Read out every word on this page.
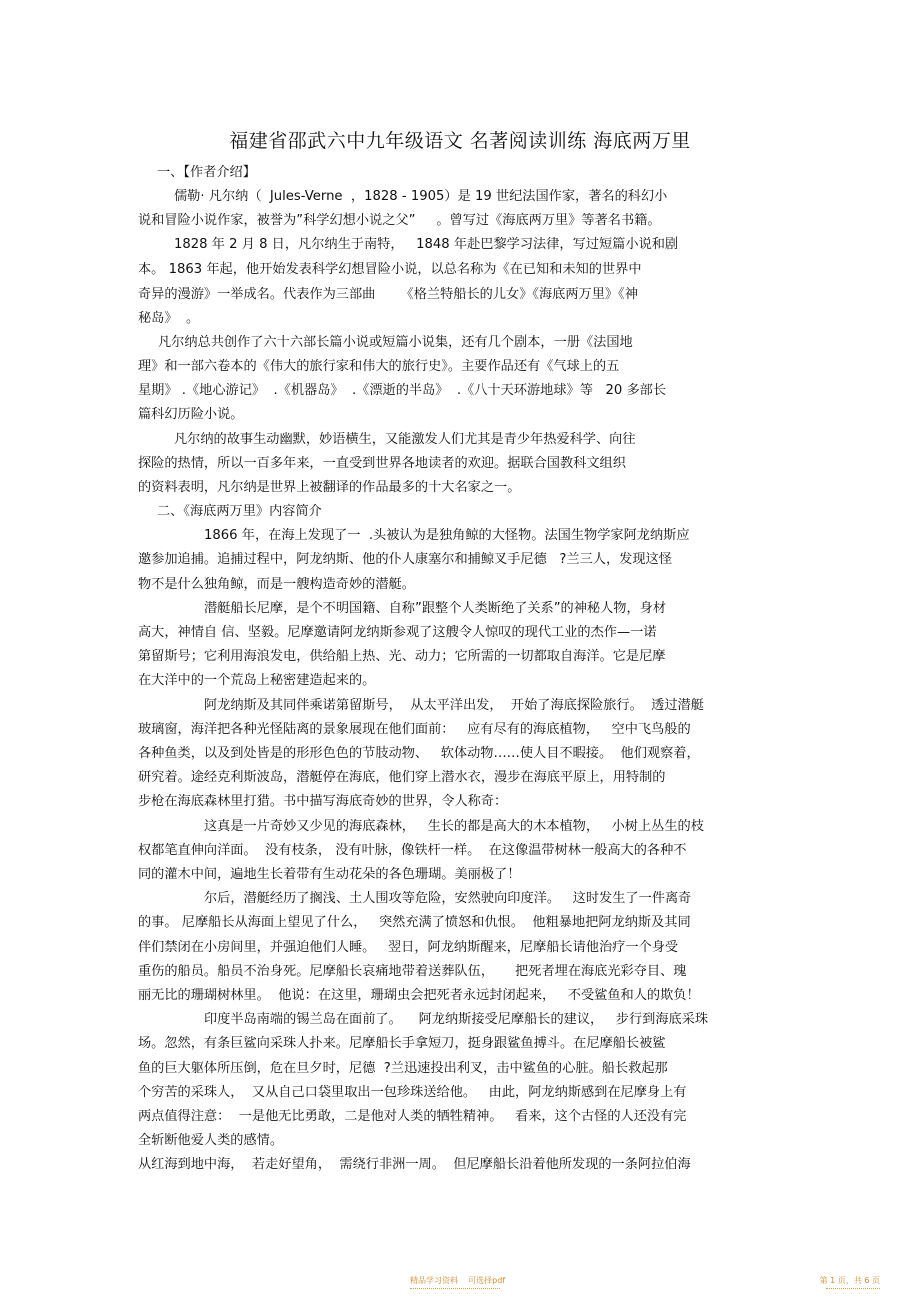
福建省邵武六中九年级语文 名著阅读训练 海底两万里
一、【作者介绍】
儒勒· 凡尔纳（  Jules-Verne  ，1828 - 1905）是 19 世纪法国作家，著名的科幻小
说和冒险小说作家，被誉为”科学幻想小说之父”     。曾写过《海底两万里》等著名书籍。
1828 年 2 月 8 日，凡尔纳生于南特，   1848 年赴巴黎学习法律，写过短篇小说和剧
本。 1863 年起，他开始发表科学幻想冒险小说，以总名称为《在已知和未知的世界中
奇异的漫游》一举成名。代表作为三部曲      《格兰特船长的儿女》《海底两万里》《神
秘岛》  。
凡尔纳总共创作了六十六部长篇小说或短篇小说集，还有几个剧本，一册《法国地
理》和一部六卷本的《伟大的旅行家和伟大的旅行史》。主要作品还有《气球上的五
星期》 .《地心游记》  .《机器岛》  .《漂逝的半岛》  .《八十天环游地球》等   20 多部长
篇科幻历险小说。
凡尔纳的故事生动幽默，妙语横生，又能激发人们尤其是青少年热爱科学、向往
探险的热情，所以一百多年来，一直受到世界各地读者的欢迎。据联合国教科文组织
的资料表明，凡尔纳是世界上被翻译的作品最多的十大名家之一。
二、《海底两万里》内容简介
1866 年，在海上发现了一  .头被认为是独角鲸的大怪物。法国生物学家阿龙纳斯应
邀参加追捕。追捕过程中，阿龙纳斯、他的仆人康塞尔和捕鲸叉手尼德   ?兰三人，发现这怪
物不是什么独角鲸，而是一艘构造奇妙的潜艇。
潜艇船长尼摩，是个不明国籍、自称”跟整个人类断绝了关系”的神秘人物，身材
高大，神情自 信、坚毅。尼摩邀请阿龙纳斯参观了这艘令人惊叹的现代工业的杰作—一诺
第留斯号；它利用海浪发电，供给船上热、光、动力；它所需的一切都取自海洋。它是尼摩
在大洋中的一个荒岛上秘密建造起来的。
阿龙纳斯及其同伴乘诺第留斯号，  从太平洋出发，  开始了海底探险旅行。  透过潜艇
玻璃窗，海洋把各种光怪陆离的景象展现在他们面前：   应有尽有的海底植物，   空中飞鸟般的
各种鱼类，以及到处皆是的形形色色的节肢动物、   软体动物……使人目不暇接。  他们观察着，
研究着。途经克利斯波岛，潜艇停在海底，他们穿上潜水衣，漫步在海底平原上，用特制的
步枪在海底森林里打猎。书中描写海底奇妙的世界，令人称奇：
这真是一片奇妙又少见的海底森林，   生长的都是高大的木本植物，   小树上丛生的枝
权都笔直伸向洋面。  没有枝条， 没有叶脉，像铁杆一样。  在这像温带树林一般高大的各种不
同的灌木中间，遍地生长着带有生动花朵的各色珊瑚。美丽极了！
尔后，潜艇经历了搁浅、土人围攻等危险，安然驶向印度洋。   这时发生了一件离奇
的事。 尼摩船长从海面上望见了什么，   突然充满了愤怒和仇恨。  他粗暴地把阿龙纳斯及其同
伴们禁闭在小房间里，并强迫他们人睡。   翌日，阿龙纳斯醒来，尼摩船长请他治疗一个身受
重伤的船员。船员不治身死。尼摩船长哀痛地带着送葬队伍，     把死者埋在海底光彩夺目、瑰
丽无比的珊瑚树林里。  他说：在这里，珊瑚虫会把死者永远封闭起来，   不受鲨鱼和人的欺负！
印度半岛南端的锡兰岛在面前了。    阿龙纳斯接受尼摩船长的建议，   步行到海底采珠
场。忽然，有条巨鲨向采珠人扑来。尼摩船长手拿短刀，挺身跟鲨鱼搏斗。在尼摩船长被鲨
鱼的巨大躯体所压倒，危在旦夕时，尼德  ?兰迅速投出利叉，击中鲨鱼的心脏。船长救起那
个穷苦的采珠人，  又从自己口袋里取出一包珍珠送给他。   由此，阿龙纳斯感到在尼摩身上有
两点值得注意：  一是他无比勇敢，二是他对人类的牺牲精神。   看来，这个古怪的人还没有完
全斩断他爱人类的感情。
从红海到地中海，  若走好望角，  需绕行非洲一周。  但尼摩船长沿着他所发现的一条阿拉伯海
精品学习资料    可选择pdf	第 1 页，共 6 页
